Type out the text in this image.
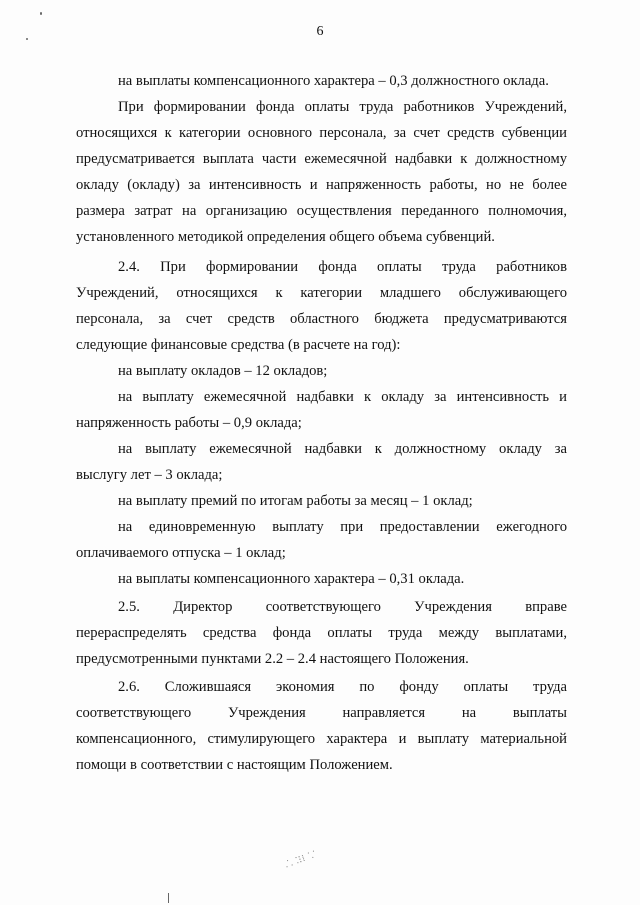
6
на выплаты компенсационного характера – 0,3 должностного оклада.
При формировании фонда оплаты труда работников Учреждений,
относящихся к категории основного персонала, за счет средств субвенции
предусматривается выплата части ежемесячной надбавки к должностному
окладу (окладу) за интенсивность и напряженность работы, но не более
размера затрат на организацию осуществления переданного полномочия,
установленного методикой определения общего объема субвенций.
2.4. При формировании фонда оплаты труда работников
Учреждений, относящихся к категории младшего обслуживающего
персонала, за счет средств областного бюджета предусматриваются
следующие финансовые средства (в расчете на год):
на выплату окладов – 12 окладов;
на выплату ежемесячной надбавки к окладу за интенсивность и
напряженность работы – 0,9 оклада;
на выплату ежемесячной надбавки к должностному окладу за
выслугу лет – 3 оклада;
на выплату премий по итогам работы за месяц – 1 оклад;
на единовременную выплату при предоставлении ежегодного
оплачиваемого отпуска – 1 оклад;
на выплаты компенсационного характера – 0,31 оклада.
2.5. Директор соответствующего Учреждения вправе
перераспределять средства фонда оплаты труда между выплатами,
предусмотренными пунктами 2.2 – 2.4 настоящего Положения.
2.6. Сложившаяся экономия по фонду оплаты труда
соответствующего Учреждения направляется на выплаты
компенсационного, стимулирующего характера и выплату материальной
помощи в соответствии с настоящим Положением.
⸫ ⁚⁝⁞ ⸪
